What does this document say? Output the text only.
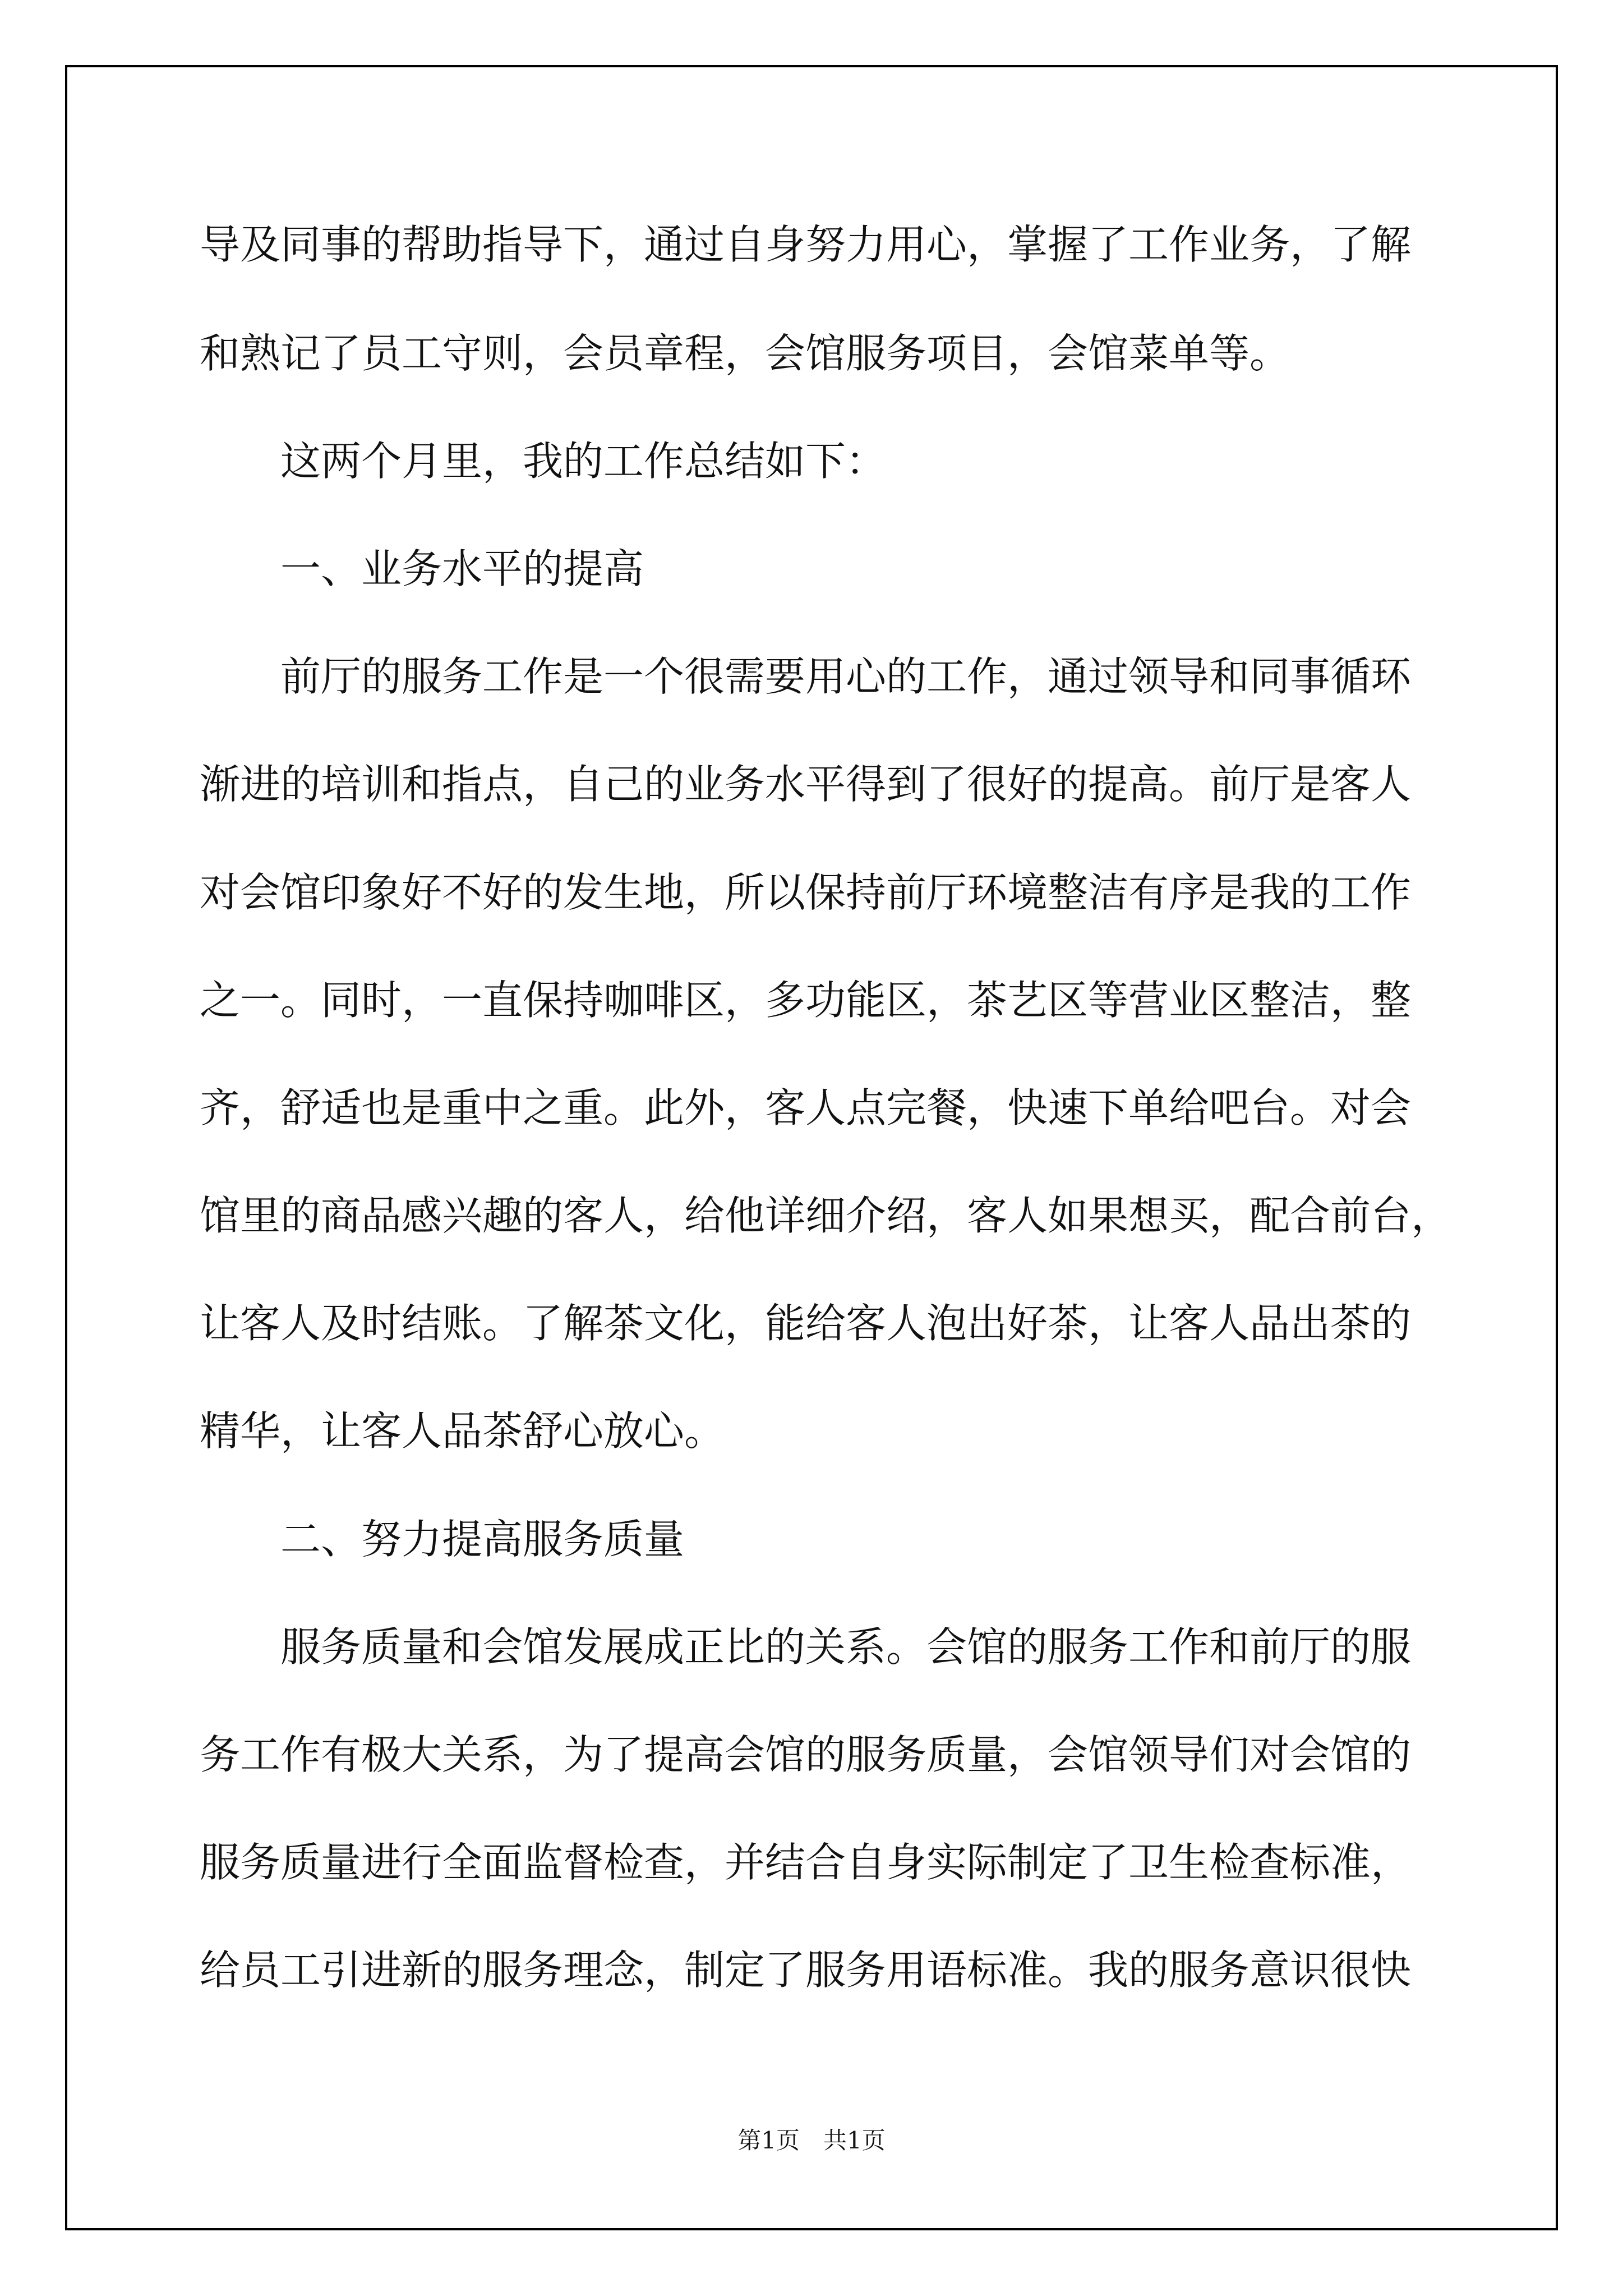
导及同事的帮助指导下，通过自身努力用心，掌握了工作业务，了解

和熟记了员工守则，会员章程，会馆服务项目，会馆菜单等。

这两个月里，我的工作总结如下：

一、业务水平的提高

前厅的服务工作是一个很需要用心的工作，通过领导和同事循环

渐进的培训和指点，自己的业务水平得到了很好的提高。前厅是客人

对会馆印象好不好的发生地，所以保持前厅环境整洁有序是我的工作

之一。同时，一直保持咖啡区，多功能区，茶艺区等营业区整洁，整

齐，舒适也是重中之重。此外，客人点完餐，快速下单给吧台。对会

馆里的商品感兴趣的客人，给他详细介绍，客人如果想买，配合前台，

让客人及时结账。了解茶文化，能给客人泡出好茶，让客人品出茶的

精华，让客人品茶舒心放心。

二、努力提高服务质量

服务质量和会馆发展成正比的关系。会馆的服务工作和前厅的服

务工作有极大关系，为了提高会馆的服务质量，会馆领导们对会馆的

服务质量进行全面监督检查，并结合自身实际制定了卫生检查标准，

给员工引进新的服务理念，制定了服务用语标准。我的服务意识很快

第1页　共1页
